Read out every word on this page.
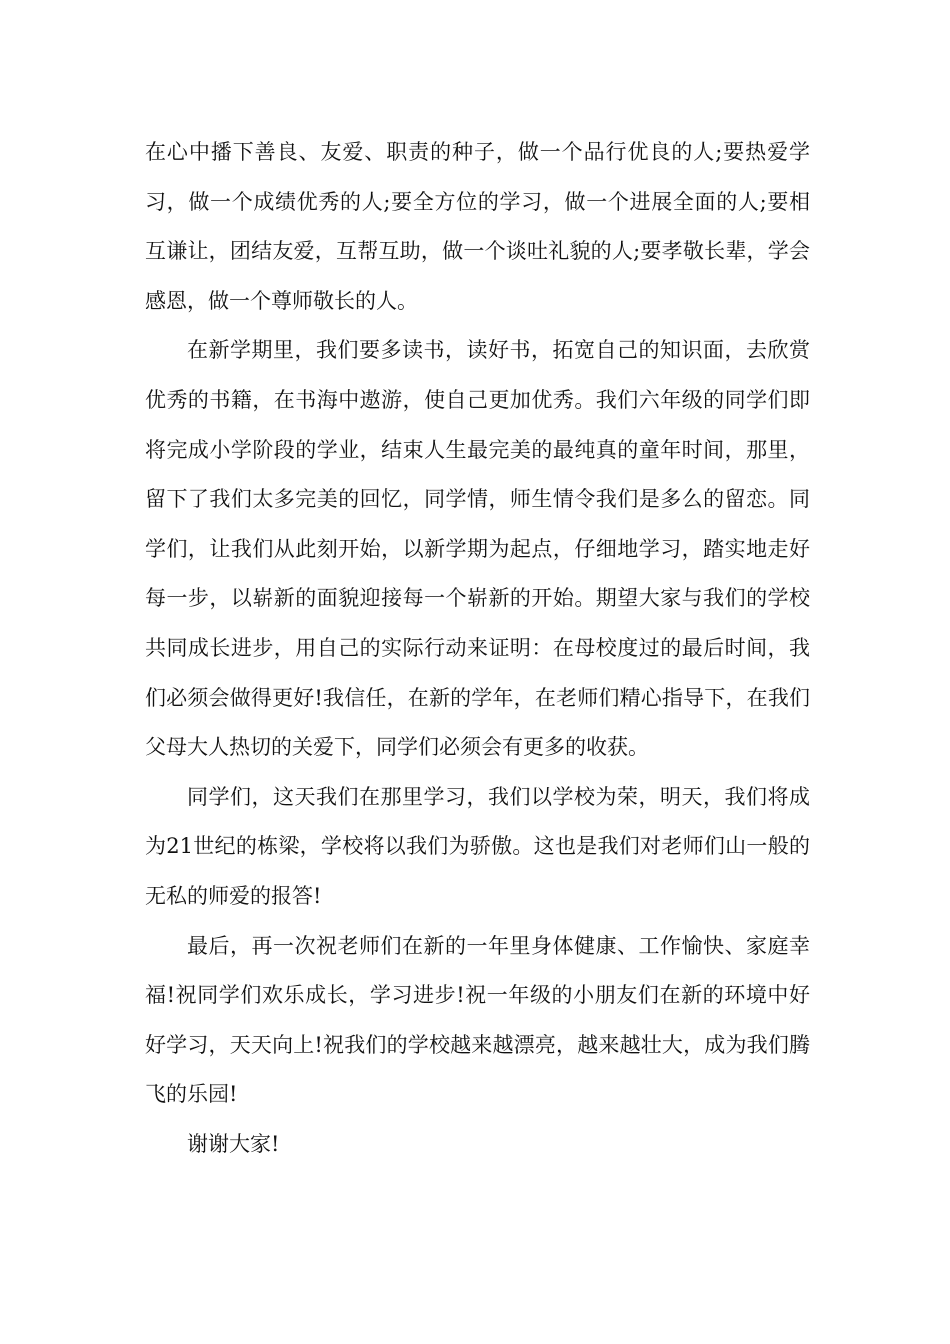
在心中播下善良、友爱、职责的种子，做一个品行优良的人;要热爱学习，做一个成绩优秀的人;要全方位的学习，做一个进展全面的人;要相互谦让，团结友爱，互帮互助，做一个谈吐礼貌的人;要孝敬长辈，学会感恩，做一个尊师敬长的人。

在新学期里，我们要多读书，读好书，拓宽自己的知识面，去欣赏优秀的书籍，在书海中遨游，使自己更加优秀。我们六年级的同学们即将完成小学阶段的学业，结束人生最完美的最纯真的童年时间，那里，留下了我们太多完美的回忆，同学情，师生情令我们是多么的留恋。同学们，让我们从此刻开始，以新学期为起点，仔细地学习，踏实地走好每一步，以崭新的面貌迎接每一个崭新的开始。期望大家与我们的学校共同成长进步，用自己的实际行动来证明：在母校度过的最后时间，我们必须会做得更好!我信任，在新的学年，在老师们精心指导下，在我们父母大人热切的关爱下，同学们必须会有更多的收获。

同学们，这天我们在那里学习，我们以学校为荣，明天，我们将成为21世纪的栋梁，学校将以我们为骄傲。这也是我们对老师们山一般的无私的师爱的报答!

最后，再一次祝老师们在新的一年里身体健康、工作愉快、家庭幸福!祝同学们欢乐成长，学习进步!祝一年级的小朋友们在新的环境中好好学习，天天向上!祝我们的学校越来越漂亮，越来越壮大，成为我们腾飞的乐园!

谢谢大家!
